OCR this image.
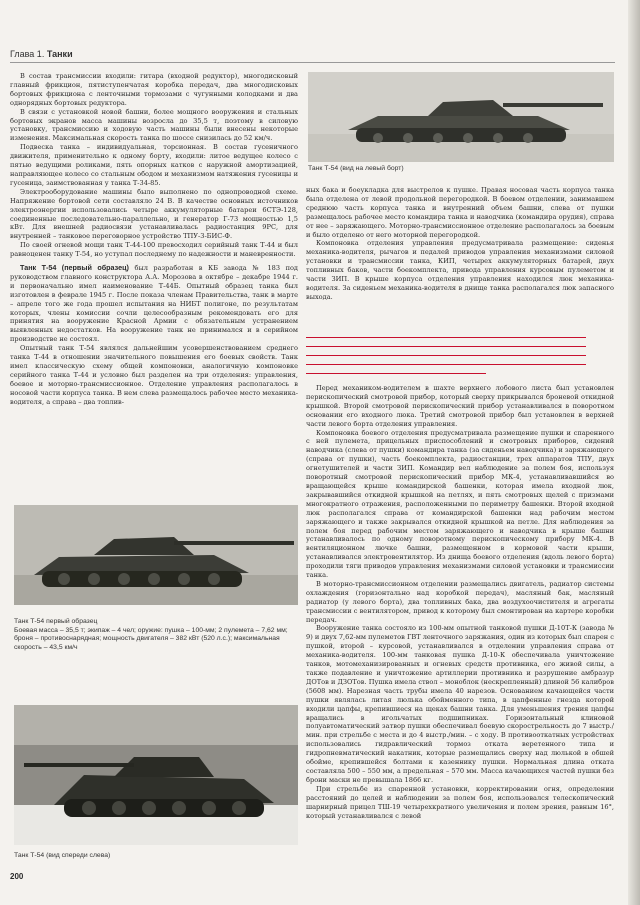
Глава 1. Танки

В состав трансмиссии входили: гитара (входной редуктор), многодисковый главный фрикцион, пятиступенчатая коробка передач, два многодисковых бортовых фрикциона с ленточными тормозами с чугунными колодками и два однорядных бортовых редуктора.

В связи с установкой новой башни, более мощного вооружения и стальных бортовых экранов масса машины возросла до 35,5 т, поэтому в силовую установку, трансмиссию и ходовую часть машины были внесены некоторые изменения. Максимальная скорость танка по шоссе снизилась до 52 км/ч.

Подвеска танка – индивидуальная, торсионная. В состав гусеничного движителя, применительно к одному борту, входили: литое ведущее колесо с пятью ведущими роликами, пять опорных катков с наружной амортизацией, направляющее колесо со стальным ободом и механизмом натяжения гусеницы и гусеница, заимствованная у танка Т-34-85.

Электрооборудование машины было выполнено по однопроводной схеме. Напряжение бортовой сети составляло 24 В. В качестве основных источников электроэнергии использовались четыре аккумуляторные батареи 6СТЭ-128, соединенные последовательно-параллельно, и генератор Г-73 мощностью 1,5 кВт. Для внешней радиосвязи устанавливалась радиостанция 9РС, для внутренней – танковое переговорное устройство ТПУ-3-БИС-Ф.

По своей огневой мощи танк Т-44-100 превосходил серийный танк Т-44 и был равноценен танку Т-54, но уступал последнему по надежности и маневренности.

Танк Т-54 (первый образец) был разработан в КБ завода № 183 под руководством главного конструктора А.А. Морозова в октябре – декабре 1944 г. и первоначально имел наименование Т-44Б. Опытный образец танка был изготовлен в феврале 1945 г. После показа членам Правительства, танк в марте – апреле того же года прошел испытания на НИБТ полигоне, по результатам которых, члены комиссии сочли целесообразным рекомендовать его для принятия на вооружение Красной Армии с обязательным устранением выявленных недостатков. На вооружение танк не принимался и в серийном производстве не состоял.

Опытный танк Т-54 являлся дальнейшим усовершенствованием среднего танка Т-44 в отношении значительного повышения его боевых свойств. Танк имел классическую схему общей компоновки, аналогичную компоновке серийного танка Т-44 и условно был разделен на три отделения: управления, боевое и моторно-трансмиссионное. Отделение управления располагалось в носовой части корпуса танка. В нем слева размещалось рабочее место механика-водителя, а справа – два топлив-

Танк Т-54 (вид на левый борт)

ных бака и боеукладка для выстрелов к пушке. Правая носовая часть корпуса танка была отделена от левой продольной перегородкой. В боевом отделении, занимавшем среднюю часть корпуса танка и внутренний объем башни, слева от пушки размещалось рабочее место командира танка и наводчика (командира орудия), справа от нее – заряжающего. Моторно-трансмиссионное отделение располагалось за боевым и было отделено от него моторной перегородкой.

Компоновка отделения управления предусматривала размещение: сиденья механика-водителя, рычагов и педалей приводов управления механизмами силовой установки и трансмиссии танка, КИП, четырех аккумуляторных батарей, двух топливных баков, части боекомплекта, привода управления курсовым пулеметом и части ЗИП. В крыше корпуса отделения управления находился люк механика-водителя. За сиденьем механика-водителя в днище танка располагался люк запасного выхода.

Перед механиком-водителем в шахте верхнего лобового листа был установлен перископический смотровой прибор, который сверху прикрывался броневой откидной крышкой. Второй смотровой перископический прибор устанавливался в поворотном основании его входного люка. Третий смотровой прибор был установлен в верхней части левого борта отделения управления.

Компоновка боевого отделения предусматривала размещение пушки и спаренного с ней пулемета, прицельных приспособлений и смотровых приборов, сидений наводчика (слева от пушки) командира танка (за сиденьем наводчика) и заряжающего (справа от пушки), часть боекомплекта, радиостанции, трех аппаратов ТПУ, двух огнетушителей и части ЗИП. Командир вел наблюдение за полем боя, используя поворотный смотровой перископический прибор МК-4, устанавливавшийся во вращающейся крыше командирской башенки, которая имела входной люк, закрывавшийся откидной крышкой на петлях, и пять смотровых щелей с призмами многократного отражения, расположенными по периметру башенки. Второй входной люк располагался справа от командирской башенки над рабочим местом заряжающего и также закрывался откидной крышкой на петле. Для наблюдения за полем боя перед рабочим местом заряжающего и наводчика в крыше башни устанавливалось по одному поворотному перископическому прибору МК-4. В вентиляционном лючке башни, размещенном в кормовой части крыши, устанавливался электровентилятор. Из днища боевого отделения (вдоль левого борта) проходили тяги приводов управления механизмами силовой установки и трансмиссии танка.

В моторно-трансмиссионном отделении размещались двигатель, радиатор системы охлаждения (горизонтально над коробкой передач), масляный бак, масляный радиатор (у левого борта), два топливных бака, два воздухоочистителя и агрегаты трансмиссии с вентилятором, привод к которому был смонтирован на картере коробки передач.

Вооружение танка состояло из 100-мм опытной танковой пушки Д-10Т-К (завода № 9) и двух 7,62-мм пулеметов ГВТ ленточного заряжания, один из которых был спарен с пушкой, второй – курсовой, устанавливался в отделении управления справа от механика-водителя. 100-мм танковая пушка Д-10-К обеспечивала уничтожение танков, мотомеханизированных и огневых средств противника, его живой силы, а также подавление и уничтожение артиллерии противника и разрушение амбразур ДОТов и ДЗОТов. Пушка имела ствол – моноблок (нескрепленный) длиной 56 калибров (5608 мм). Нарезная часть трубы имела 40 нарезов. Основанием качающейся части пушки являлась литая люлька обойменного типа, в цапфенные гнезда которой входили цапфы, крепившиеся на щеках башни танка. Для уменьшения трения цапфы вращались в игольчатых подшипниках. Горизонтальный клиновой полуавтоматический затвор пушки обеспечивал боевую скорострельность до 7 выстр./мин. при стрельбе с места и до 4 выстр./мин. – с ходу. В противооткатных устройствах использовались гидравлический тормоз отката веретенного типа и гидропневматический накатник, которые размещались сверху над люлькой в обшей обойме, крепившейся болтами к казеннику пушки. Нормальная длина отката составляла 500 – 550 мм, а предельная – 570 мм. Масса качающихся частей пушки без брони маски не превышала 1866 кг.

При стрельбе из спаренной установки, корректировании огня, определении расстояний до целей и наблюдении за полем боя, использовался телескопический шарнирный прицел ТШ-19 четырехкратного увеличения и полем зрения, равным 16°, который устанавливался с левой

Танк Т-54 первый образец
Боевая масса – 35,5 т; экипаж – 4 чел; оружие: пушка – 100-мм; 2 пулемета – 7,62 мм; броня – противоснарядная; мощность двигателя – 382 кВт (520 л.с.); максимальная скорость – 43,5 км/ч
Танк Т-54 (вид спереди слева)
200
